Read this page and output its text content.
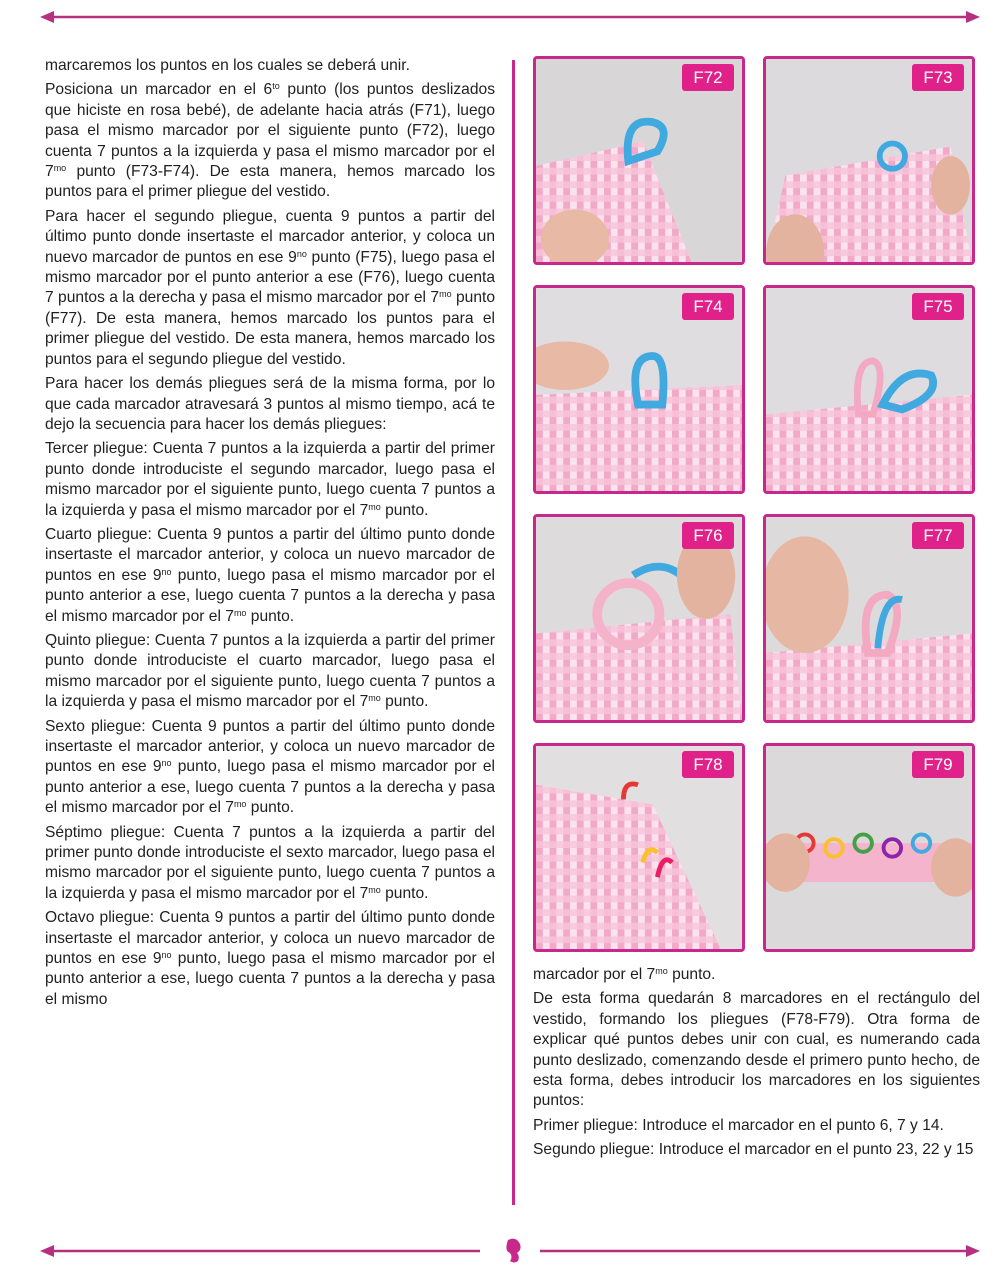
marcaremos los puntos en los cuales se deberá unir.

Posiciona un marcador en el $6^{to}$ punto (los puntos deslizados que hiciste en rosa bebé), de adelante hacia atrás (F71), luego pasa el mismo marcador por el siguiente punto (F72), luego cuenta 7 puntos a la izquierda y pasa el mismo marcador por el $7^{mo}$ punto (F73-F74). De esta manera, hemos marcado los puntos para el primer pliegue del vestido.

Para hacer el segundo pliegue, cuenta 9 puntos a partir del último punto donde insertaste el marcador anterior, y coloca un nuevo marcador de puntos en ese $9^{no}$ punto (F75), luego pasa el mismo marcador por el punto anterior a ese (F76), luego cuenta 7 puntos a la derecha y pasa el mismo marcador por el $7^{mo}$ punto (F77). De esta manera, hemos marcado los puntos para el primer pliegue del vestido. De esta manera, hemos marcado los puntos para el segundo pliegue del vestido.

Para hacer los demás pliegues será de la misma forma, por lo que cada marcador atravesará 3 puntos al mismo tiempo, acá te dejo la secuencia para hacer los demás pliegues:

Tercer pliegue: Cuenta 7 puntos a la izquierda a partir del primer punto donde introduciste el segundo marcador, luego pasa el mismo marcador por el siguiente punto, luego cuenta 7 puntos a la izquierda y pasa el mismo marcador por el $7^{mo}$ punto.

Cuarto pliegue: Cuenta 9 puntos a partir del último punto donde insertaste el marcador anterior, y coloca un nuevo marcador de puntos en ese $9^{no}$ punto, luego pasa el mismo marcador por el punto anterior a ese, luego cuenta 7 puntos a la derecha y pasa el mismo marcador por el $7^{mo}$ punto.

Quinto pliegue: Cuenta 7 puntos a la izquierda a partir del primer punto donde introduciste el cuarto marcador, luego pasa el mismo marcador por el siguiente punto, luego cuenta 7 puntos a la izquierda y pasa el mismo marcador por el $7^{mo}$ punto.

Sexto pliegue: Cuenta 9 puntos a partir del último punto donde insertaste el marcador anterior, y coloca un nuevo marcador de puntos en ese $9^{no}$ punto, luego pasa el mismo marcador por el punto anterior a ese, luego cuenta 7 puntos a la derecha y pasa el mismo marcador por el $7^{mo}$ punto.

Séptimo pliegue: Cuenta 7 puntos a la izquierda a partir del primer punto donde introduciste el sexto marcador, luego pasa el mismo marcador por el siguiente punto, luego cuenta 7 puntos a la izquierda y pasa el mismo marcador por el $7^{mo}$ punto.

Octavo pliegue: Cuenta 9 puntos a partir del último punto donde insertaste el marcador anterior, y coloca un nuevo marcador de puntos en ese $9^{no}$ punto, luego pasa el mismo marcador por el punto anterior a ese, luego cuenta 7 puntos a la derecha y pasa el mismo

F72	F73
F74	F75
F76	F77
F78	F79

marcador por el $7^{mo}$ punto.

De esta forma quedarán 8 marcadores en el rectángulo del vestido, formando los pliegues (F78-F79). Otra forma de explicar qué puntos debes unir con cual, es numerando cada punto deslizado, comenzando desde el primero punto hecho, de esta forma, debes introducir los marcadores en los siguientes puntos:

Primer pliegue: Introduce el marcador en el punto 6, 7 y 14.

Segundo pliegue: Introduce el marcador en el punto 23, 22 y 15
